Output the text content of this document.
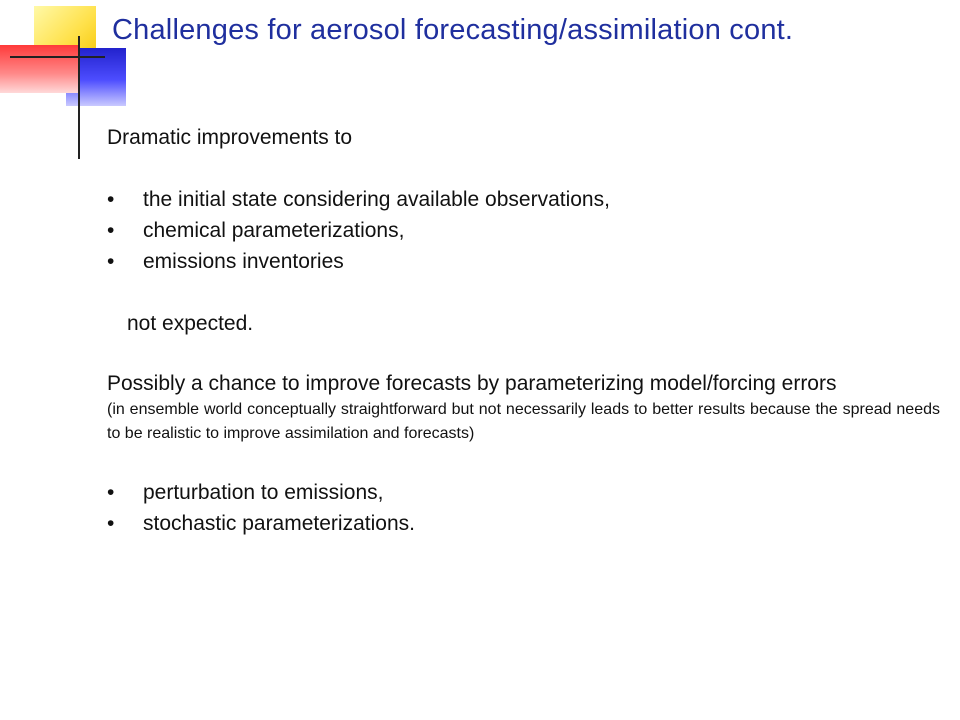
Challenges for aerosol forecasting/assimilation cont.

Dramatic improvements to

• the initial state considering available observations,
• chemical parameterizations,
• emissions inventories

not expected.

Possibly a chance to improve forecasts by parameterizing model/forcing errors

(in ensemble world conceptually straightforward but not necessarily leads to better results because the spread needs to be realistic to improve assimilation and forecasts)

• perturbation to emissions,
• stochastic parameterizations.
